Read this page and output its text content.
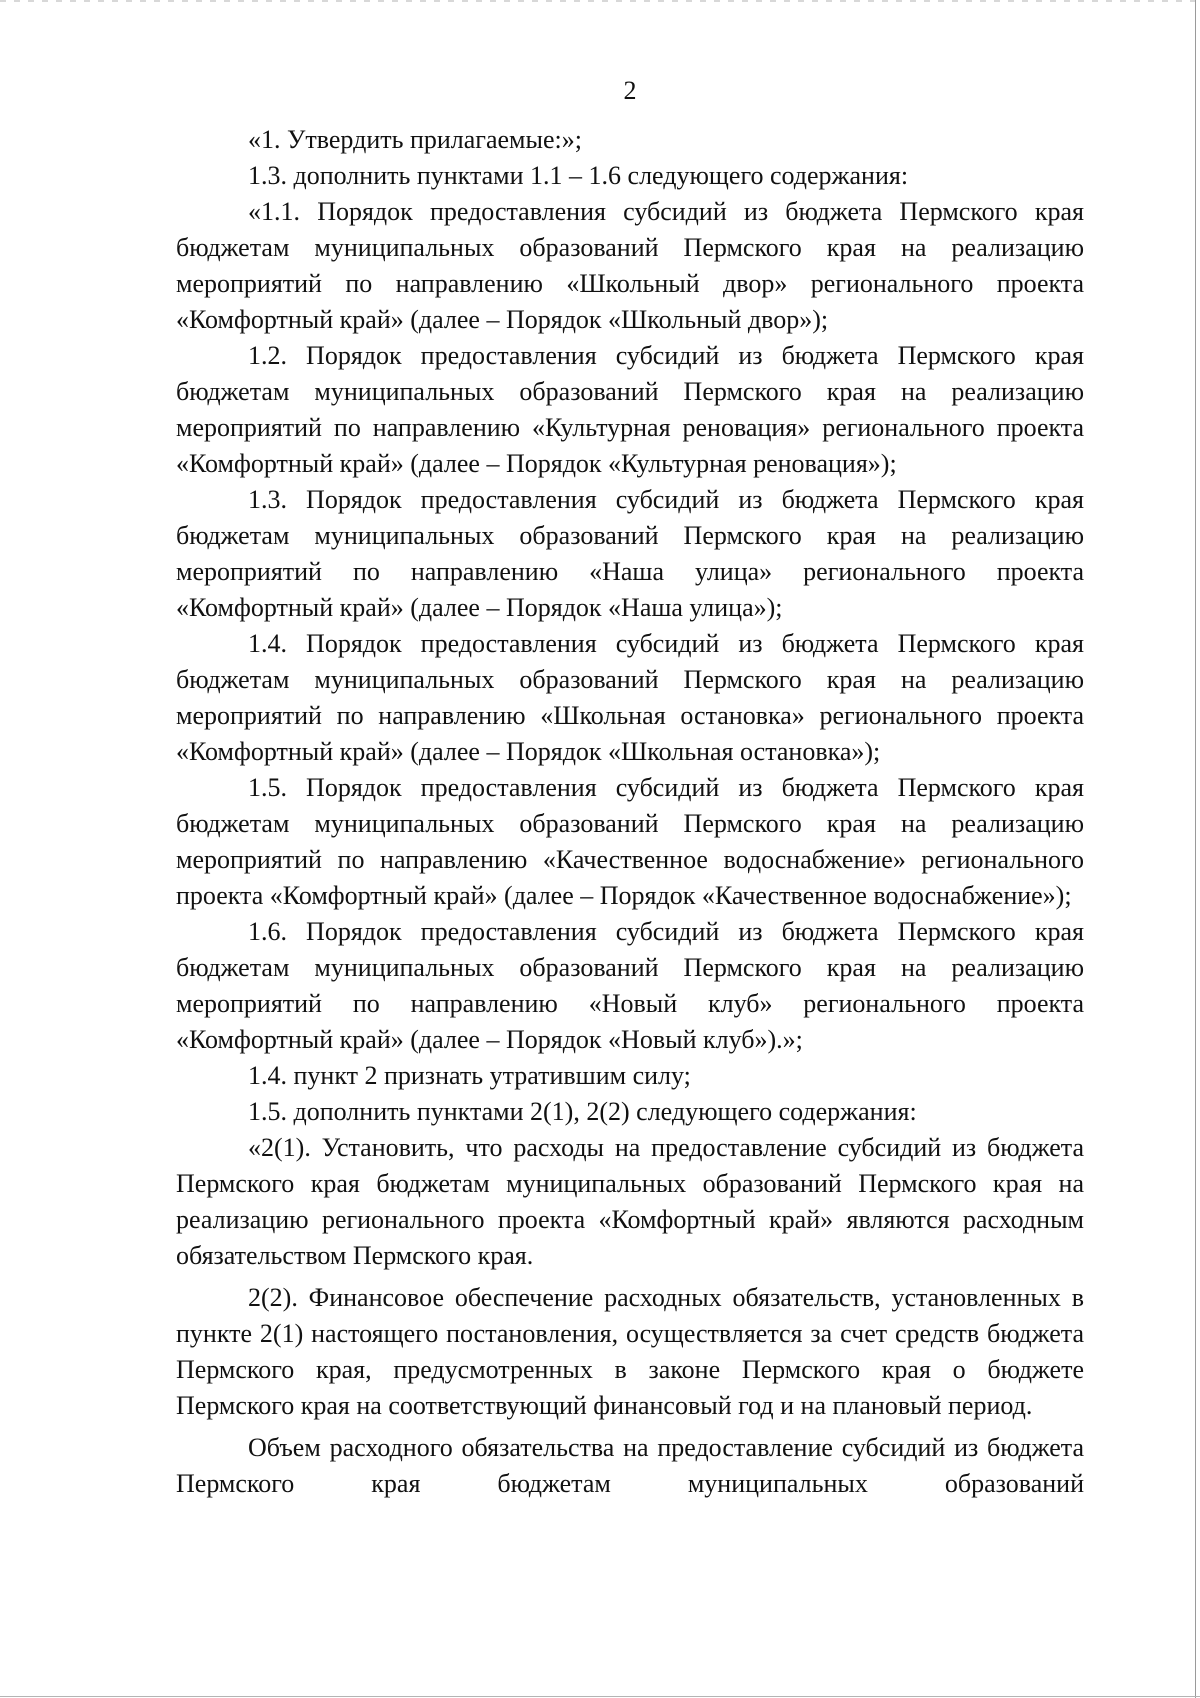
2

«1. Утвердить прилагаемые:»;

1.3. дополнить пунктами 1.1 – 1.6 следующего содержания:

«1.1. Порядок предоставления субсидий из бюджета Пермского края бюджетам муниципальных образований Пермского края на реализацию мероприятий по направлению «Школьный двор» регионального проекта «Комфортный край» (далее – Порядок «Школьный двор»);

1.2. Порядок предоставления субсидий из бюджета Пермского края бюджетам муниципальных образований Пермского края на реализацию мероприятий по направлению «Культурная реновация» регионального проекта «Комфортный край» (далее – Порядок «Культурная реновация»);

1.3. Порядок предоставления субсидий из бюджета Пермского края бюджетам муниципальных образований Пермского края на реализацию мероприятий по направлению «Наша улица» регионального проекта «Комфортный край» (далее – Порядок «Наша улица»);

1.4. Порядок предоставления субсидий из бюджета Пермского края бюджетам муниципальных образований Пермского края на реализацию мероприятий по направлению «Школьная остановка» регионального проекта «Комфортный край» (далее – Порядок «Школьная остановка»);

1.5. Порядок предоставления субсидий из бюджета Пермского края бюджетам муниципальных образований Пермского края на реализацию мероприятий по направлению «Качественное водоснабжение» регионального проекта «Комфортный край» (далее – Порядок «Качественное водоснабжение»);

1.6. Порядок предоставления субсидий из бюджета Пермского края бюджетам муниципальных образований Пермского края на реализацию мероприятий по направлению «Новый клуб» регионального проекта «Комфортный край» (далее – Порядок «Новый клуб»).»;

1.4. пункт 2 признать утратившим силу;

1.5. дополнить пунктами 2(1), 2(2) следующего содержания:

«2(1). Установить, что расходы на предоставление субсидий из бюджета Пермского края бюджетам муниципальных образований Пермского края на реализацию регионального проекта «Комфортный край» являются расходным обязательством Пермского края.

2(2). Финансовое обеспечение расходных обязательств, установленных в пункте 2(1) настоящего постановления, осуществляется за счет средств бюджета Пермского края, предусмотренных в законе Пермского края о бюджете Пермского края на соответствующий финансовый год и на плановый период.

Объем расходного обязательства на предоставление субсидий из бюджета Пермского края бюджетам муниципальных образований
